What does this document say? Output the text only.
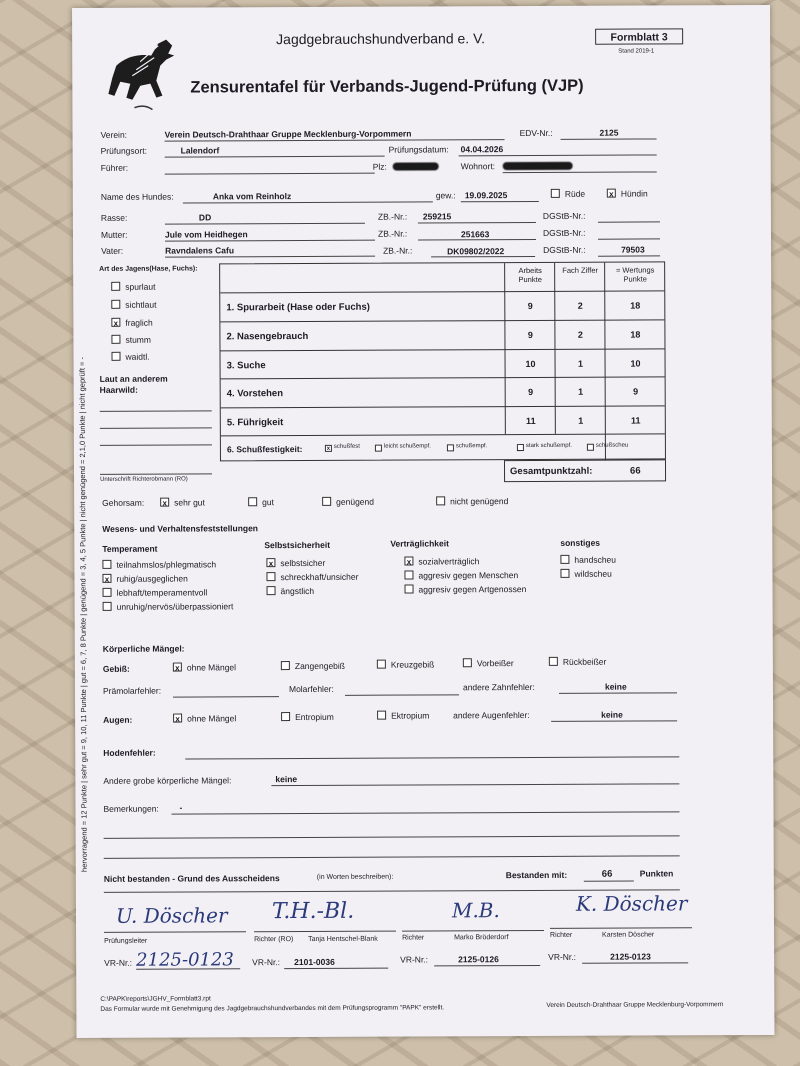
hervorragend = 12 Punkte | sehr gut = 9, 10, 11 Punkte | gut = 6, 7, 8 Punkte | genügend = 3, 4, 5 Punkte | nicht genügend = 2,1,0 Punkte | nicht geprüft = -
Jagdgebrauchshundverband e. V.	Formblatt 3
Stand 2019-1
Zensurentafel für Verbands-Jugend-Prüfung (VJP)
Verein:	Verein Deutsch-Drahthaar Gruppe Mecklenburg-Vorpommern	EDV-Nr.:	2125
Prüfungsort:	Lalendorf	Prüfungsdatum: 04.04.2026
Führer:	Plz:	Wohnort:
Name des Hundes:	Anka vom Reinholz	gew.: 19.09.2025	Rüde	x Hündin
Rasse:	DD	ZB.-Nr.: 259215	DGStB-Nr.:
Mutter:	Jule vom Heidhegen	ZB.-Nr.:	251663	DGStB-Nr.:
Vater:	Ravndalens Cafu	ZB.-Nr.:	DK09802/2022	DGStB-Nr.:	79503
Art des Jagens(Hase, Fuchs):
spurlaut
sichtlaut
x fraglich
stumm
waidtl.
Laut an anderem Haarwild:
Unterschrift Richterobmann (RO)
Arbeits Punkte
Fach Ziffer	= Wertungs Punkte
1. Spurarbeit (Hase oder Fuchs)	9	2	18
2. Nasengebrauch	9	2	18
3. Suche	10	1	10
4. Vorstehen	9	1	9
5. Führigkeit	11	1	11
6. Schußfestigkeit:	x schußfest	leicht schußempf.	schußempf.	stark schußempf.	schußscheu
Gesamtpunktzahl:	66
Gehorsam: x sehr gut	gut	genügend	nicht genügend
Wesens- und Verhaltensfeststellungen
Temperament	Selbstsicherheit	Verträglichkeit	sonstiges
teilnahmslos/phlegmatisch
x ruhig/ausgeglichen
lebhaft/temperamentvoll
unruhig/nervös/überpassioniert
x selbstsicher
schreckhaft/unsicher
ängstlich
x sozialverträglich
aggresiv gegen Menschen
aggresiv gegen Artgenossen
handscheu
wildscheu
Körperliche Mängel:
Gebiß:	x ohne Mängel	Zangengebiß	Kreuzgebiß	Vorbeißer	Rückbeißer
Prämolarfehler:	Molarfehler:	andere Zahnfehler:	keine
Augen:	x ohne Mängel	Entropium	Ektropium	andere Augenfehler:	keine
Hodenfehler:
Andere grobe körperliche Mängel:	keine
Bemerkungen: -
Nicht bestanden - Grund des Ausscheidens	(in Worten beschreiben):	Bestanden mit:	66	Punkten
U. Döscher T.H.-Bl.	M.B.	K. Döscher
Prüfungsleiter	Richter (RO) Tanja Hentschel-Blank	Richter	Marko Bröderdorf	Richter	Karsten Döscher
VR-Nr.: 2125-0123 VR-Nr.: 2101-0036	VR-Nr.:	2125-0126	VR-Nr.:	2125-0123
C:\PAPK\reports\JGHV_Formblatt3.rpt
Das Formular wurde mit Genehmigung des Jagdgebrauchshundverbandes mit dem Prüfungsprogramm "PAPK" erstellt.	Verein Deutsch-Drahthaar Gruppe Mecklenburg-Vorpommern
